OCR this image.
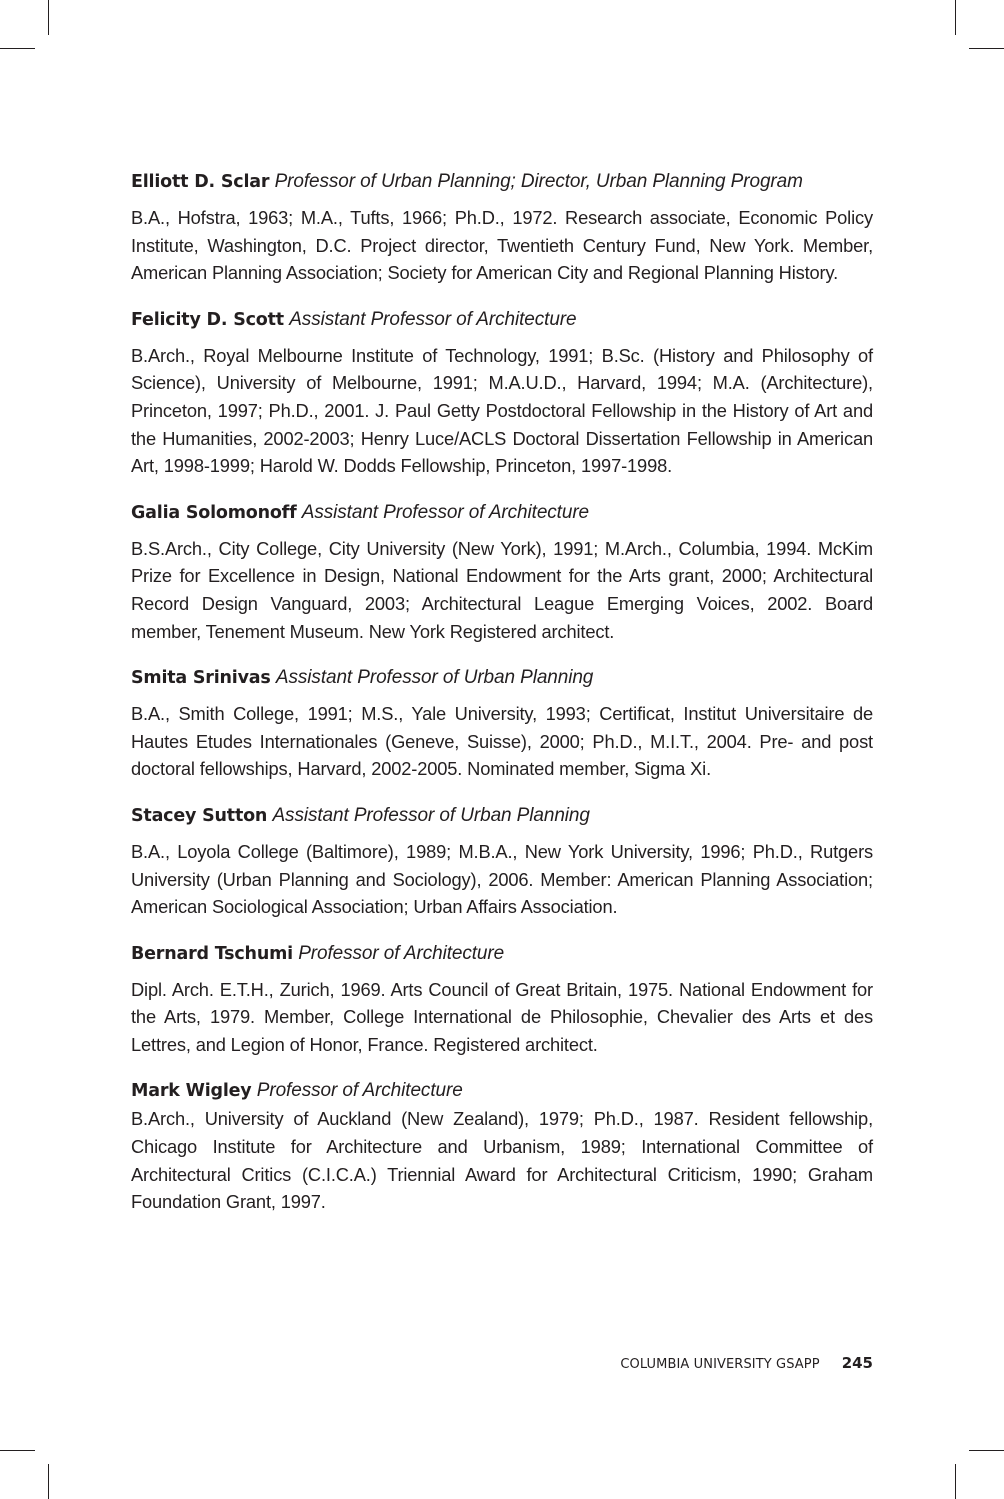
Elliott D. Sclar Professor of Urban Planning; Director, Urban Planning Program

B.A., Hofstra, 1963; M.A., Tufts, 1966; Ph.D., 1972. Research associate, Economic Policy Institute, Washington, D.C. Project director, Twentieth Century Fund, New York. Member, American Planning Association; Society for American City and Regional Planning History.

Felicity D. Scott Assistant Professor of Architecture

B.Arch., Royal Melbourne Institute of Technology, 1991; B.Sc. (History and Philosophy of Science), University of Melbourne, 1991; M.A.U.D., Harvard, 1994; M.A. (Architecture), Princeton, 1997; Ph.D., 2001. J. Paul Getty Postdoctoral Fellowship in the History of Art and the Humanities, 2002-2003; Henry Luce/ACLS Doctoral Dissertation Fellowship in American Art, 1998-1999; Harold W. Dodds Fellowship, Princeton, 1997-1998.

Galia Solomonoff Assistant Professor of Architecture

B.S.Arch., City College, City University (New York), 1991; M.Arch., Columbia, 1994. McKim Prize for Excellence in Design, National Endowment for the Arts grant, 2000; Architectural Record Design Vanguard, 2003; Architectural League Emerging Voices, 2002. Board member, Tenement Museum. New York Registered architect.

Smita Srinivas Assistant Professor of Urban Planning

B.A., Smith College, 1991; M.S., Yale University, 1993; Certificat, Institut Universitaire de Hautes Etudes Internationales (Geneve, Suisse), 2000; Ph.D., M.I.T., 2004. Pre- and post doctoral fellowships, Harvard, 2002-2005. Nominated member, Sigma Xi.

Stacey Sutton Assistant Professor of Urban Planning

B.A., Loyola College (Baltimore), 1989; M.B.A., New York University, 1996; Ph.D., Rutgers University (Urban Planning and Sociology), 2006. Member: American Planning Association; American Sociological Association; Urban Affairs Association.

Bernard Tschumi Professor of Architecture

Dipl. Arch. E.T.H., Zurich, 1969. Arts Council of Great Britain, 1975. National Endowment for the Arts, 1979. Member, College International de Philosophie, Chevalier des Arts et des Lettres, and Legion of Honor, France. Registered architect.

Mark Wigley Professor of Architecture

B.Arch., University of Auckland (New Zealand), 1979; Ph.D., 1987. Resident fellowship, Chicago Institute for Architecture and Urbanism, 1989; International Committee of Architectural Critics (C.I.C.A.) Triennial Award for Architectural Criticism, 1990; Graham Foundation Grant, 1997.

COLUMBIA UNIVERSITY GSAPP 245
